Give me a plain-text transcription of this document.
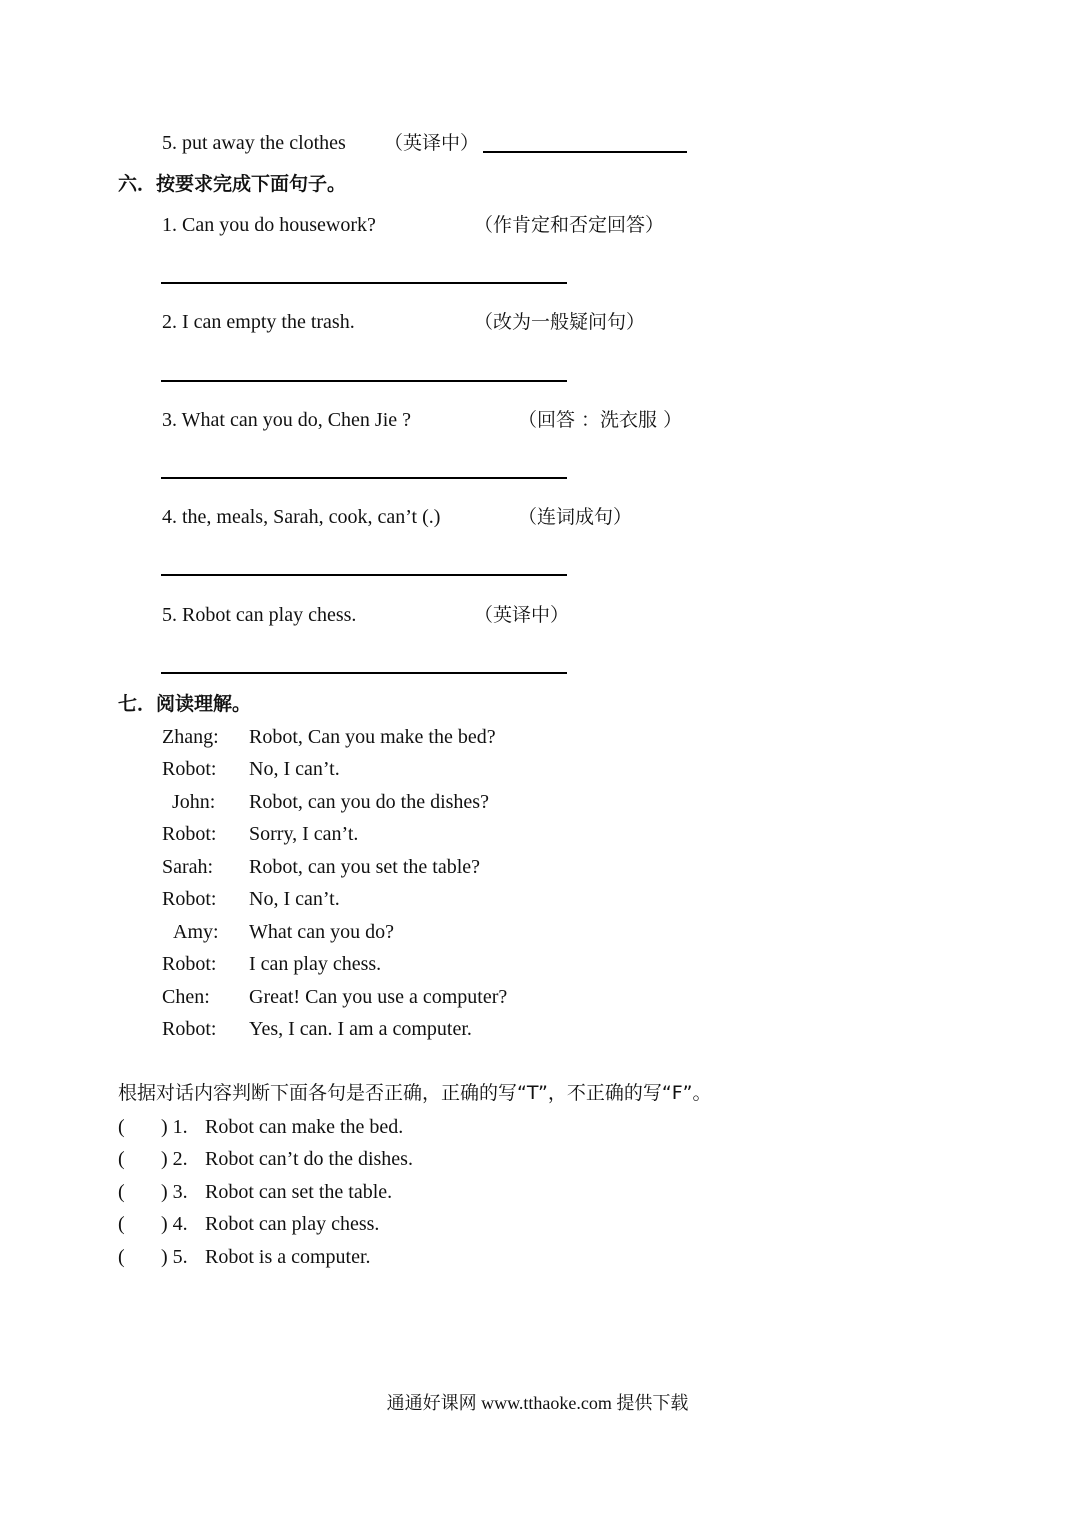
5. put away the clothes （英译中）
六．按要求完成下面句子。
1. Can you do housework?	（作肯定和否定回答）
2. I can empty the trash.	（改为一般疑问句）
3. What can you do, Chen Jie ?	（回答 ：洗衣服 ）
4. the, meals, Sarah, cook, can’t (.)	（连词成句）
5. Robot can play chess.	（英译中）
七．阅读理解。
Zhang: Robot, Can you make the bed?
Robot: No, I can’t.
John: Robot, can you do the dishes?
Robot: Sorry, I can’t.
Sarah: Robot, can you set the table?
Robot: No, I can’t.
Amy: What can you do?
Robot: I can play chess.
Chen: Great! Can you use a computer?
Robot: Yes, I can. I am a computer.
根据对话内容判断下面各句是否正确，正确的写“T”，不正确的写“F”。
( ) 1. Robot can make the bed.
( ) 2. Robot can’t do the dishes.
( ) 3. Robot can set the table.
( ) 4. Robot can play chess.
( ) 5. Robot is a computer.
通通好课网 www.tthaoke.com 提供下载
